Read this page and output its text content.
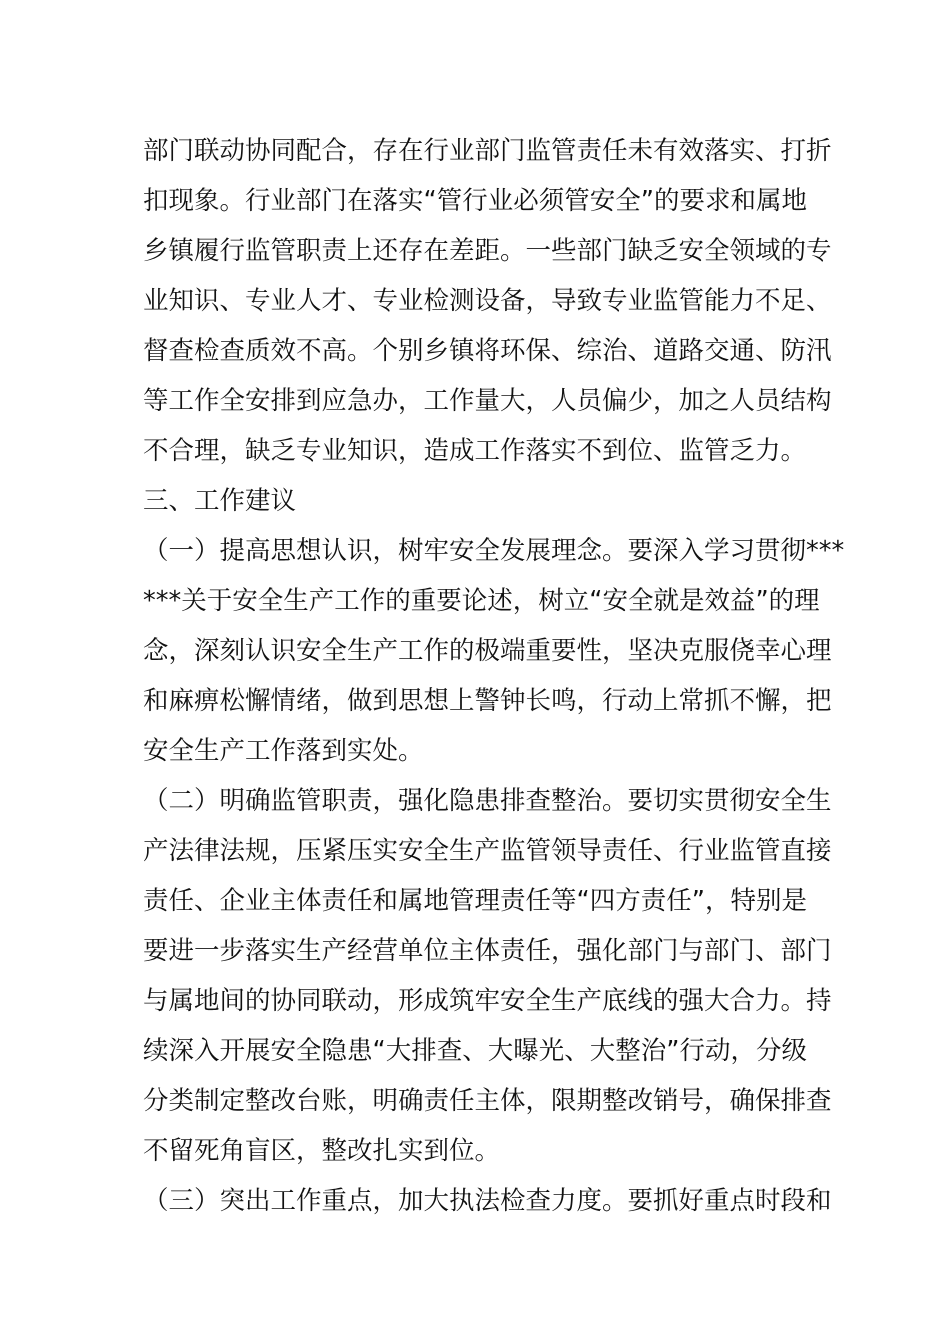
部门联动协同配合，存在行业部门监管责任未有效落实、打折
扣现象。行业部门在落实“管行业必须管安全”的要求和属地
乡镇履行监管职责上还存在差距。一些部门缺乏安全领域的专
业知识、专业人才、专业检测设备，导致专业监管能力不足、
督查检查质效不高。个别乡镇将环保、综治、道路交通、防汛
等工作全安排到应急办，工作量大，人员偏少，加之人员结构
不合理，缺乏专业知识，造成工作落实不到位、监管乏力。
三、工作建议
（一）提高思想认识，树牢安全发展理念。要深入学习贯彻***
***关于安全生产工作的重要论述，树立“安全就是效益”的理
念，深刻认识安全生产工作的极端重要性，坚决克服侥幸心理
和麻痹松懈情绪，做到思想上警钟长鸣，行动上常抓不懈，把
安全生产工作落到实处。
（二）明确监管职责，强化隐患排查整治。要切实贯彻安全生
产法律法规，压紧压实安全生产监管领导责任、行业监管直接
责任、企业主体责任和属地管理责任等“四方责任”，特别是
要进一步落实生产经营单位主体责任，强化部门与部门、部门
与属地间的协同联动，形成筑牢安全生产底线的强大合力。持
续深入开展安全隐患“大排查、大曝光、大整治”行动，分级
分类制定整改台账，明确责任主体，限期整改销号，确保排查
不留死角盲区，整改扎实到位。
（三）突出工作重点，加大执法检查力度。要抓好重点时段和
